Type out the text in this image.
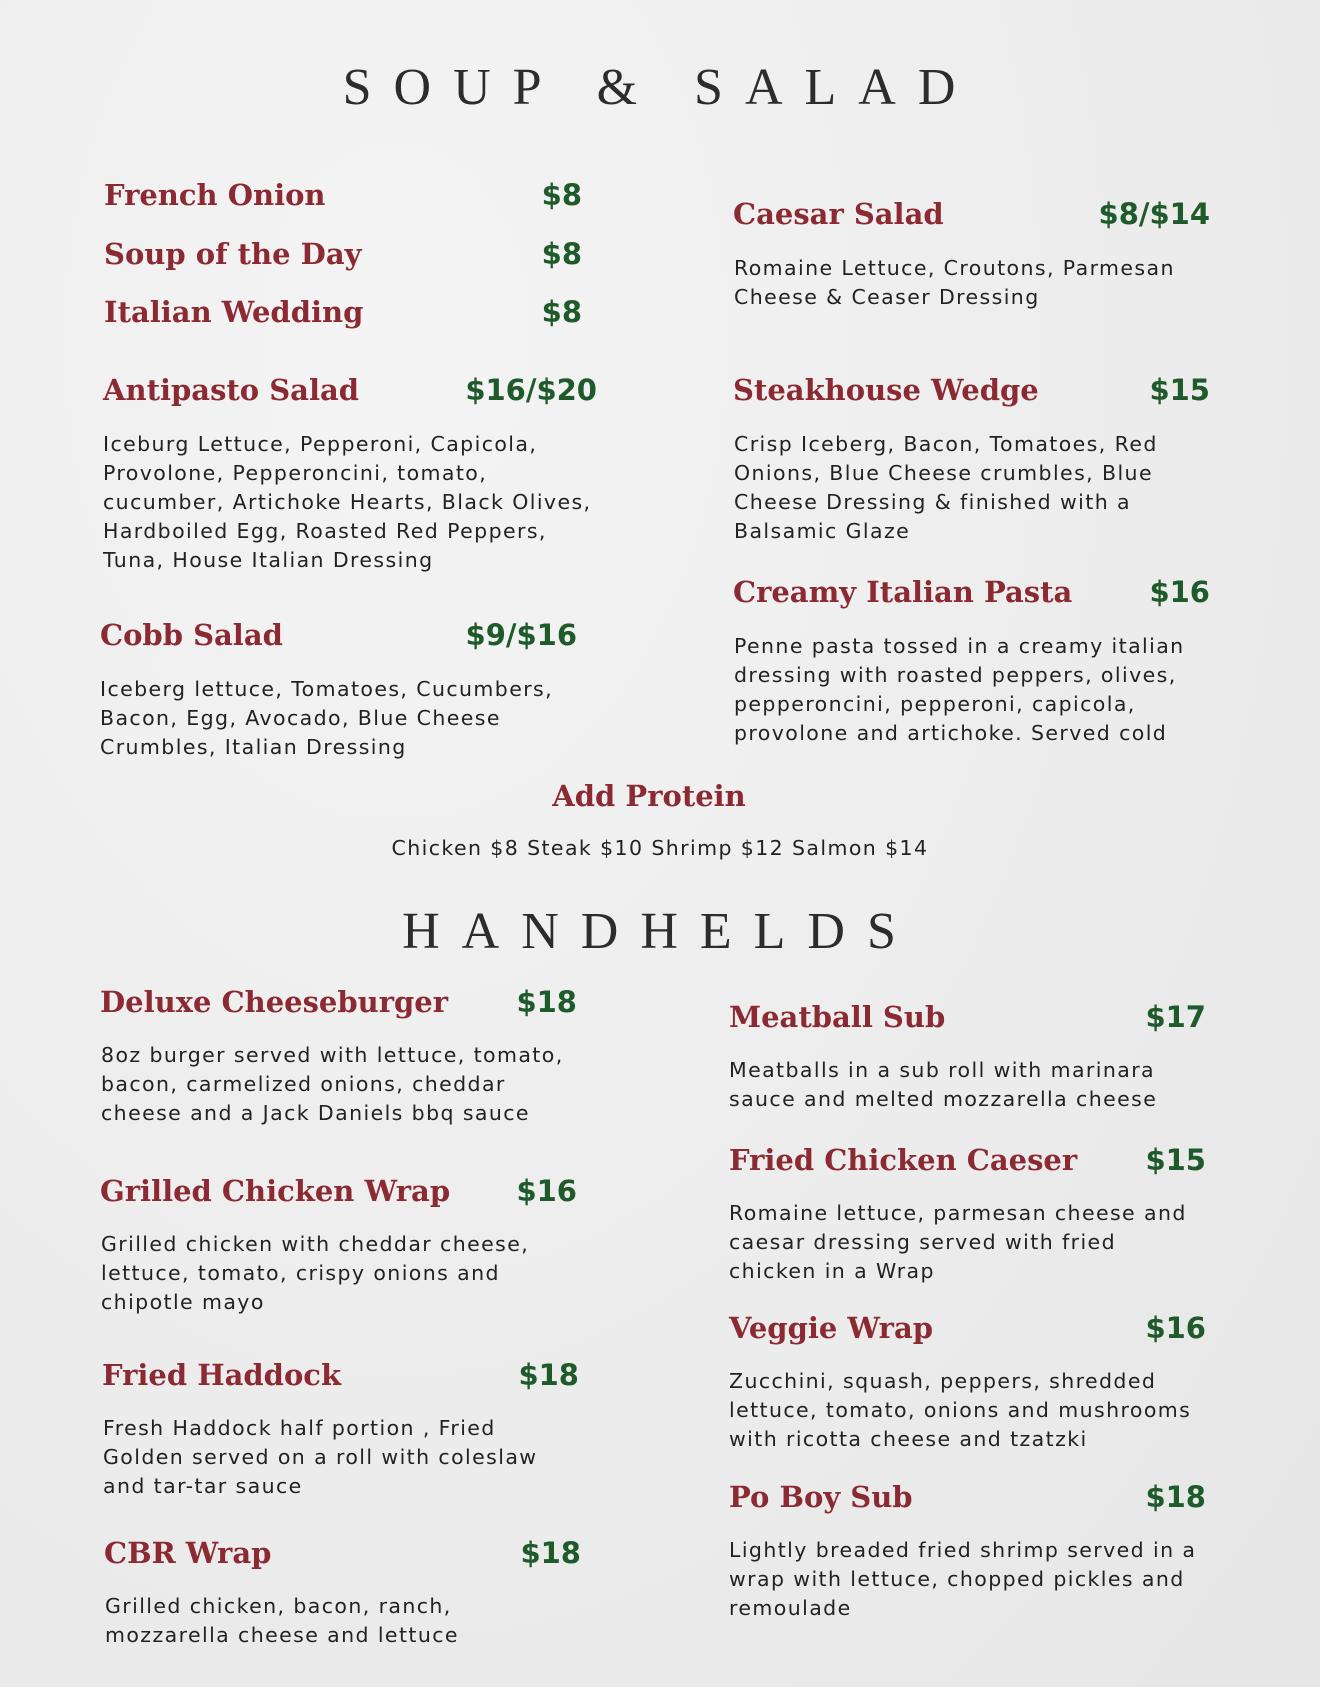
SOUP & SALAD
French Onion	$8
Soup of the Day	$8
Italian Wedding	$8
Antipasto Salad	$16/$20
Iceburg Lettuce, Pepperoni, Capicola,
Provolone, Pepperoncini, tomato,
cucumber, Artichoke Hearts, Black Olives,
Hardboiled Egg, Roasted Red Peppers,
Tuna, House Italian Dressing
Cobb Salad	$9/$16
Iceberg lettuce, Tomatoes, Cucumbers,
Bacon, Egg, Avocado, Blue Cheese
Crumbles, Italian Dressing
Caesar Salad	$8/$14
Romaine Lettuce, Croutons, Parmesan
Cheese & Ceaser Dressing
Steakhouse Wedge	$15
Crisp Iceberg, Bacon, Tomatoes, Red
Onions, Blue Cheese crumbles, Blue
Cheese Dressing & finished with a
Balsamic Glaze
Creamy Italian Pasta	$16
Penne pasta tossed in a creamy italian
dressing with roasted peppers, olives,
pepperoncini, pepperoni, capicola,
provolone and artichoke. Served cold
Add Protein
Chicken $8 Steak $10 Shrimp $12 Salmon $14
HANDHELDS
Deluxe Cheeseburger	$18
8oz burger served with lettuce, tomato,
bacon, carmelized onions, cheddar
cheese and a Jack Daniels bbq sauce
Grilled Chicken Wrap	$16
Grilled chicken with cheddar cheese,
lettuce, tomato, crispy onions and
chipotle mayo
Fried Haddock	$18
Fresh Haddock half portion , Fried
Golden served on a roll with coleslaw
and tar-tar sauce
CBR Wrap	$18
Grilled chicken, bacon, ranch,
mozzarella cheese and lettuce
Meatball Sub	$17
Meatballs in a sub roll with marinara
sauce and melted mozzarella cheese
Fried Chicken Caeser	$15
Romaine lettuce, parmesan cheese and
caesar dressing served with fried
chicken in a Wrap
Veggie Wrap	$16
Zucchini, squash, peppers, shredded
lettuce, tomato, onions and mushrooms
with ricotta cheese and tzatzki
Po Boy Sub	$18
Lightly breaded fried shrimp served in a
wrap with lettuce, chopped pickles and
remoulade
